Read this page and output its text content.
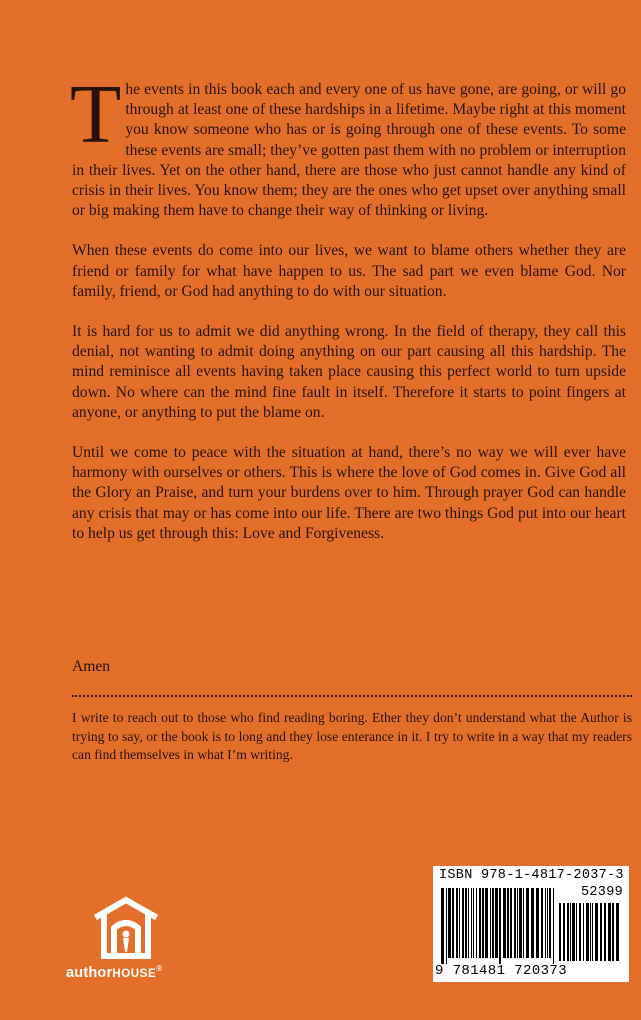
The events in this book each and every one of us have gone, are going, or will go through at least one of these hardships in a lifetime. Maybe right at this moment you know someone who has or is going through one of these events. To some these events are small; they’ve gotten past them with no problem or interruption in their lives. Yet on the other hand, there are those who just cannot handle any kind of crisis in their lives. You know them; they are the ones who get upset over anything small or big making them have to change their way of thinking or living.

When these events do come into our lives, we want to blame others whether they are friend or family for what have happen to us. The sad part we even blame God. Nor family, friend, or God had anything to do with our situation.

It is hard for us to admit we did anything wrong. In the field of therapy, they call this denial, not wanting to admit doing anything on our part causing all this hardship. The mind reminisce all events having taken place causing this perfect world to turn upside down. No where can the mind fine fault in itself. Therefore it starts to point fingers at anyone, or anything to put the blame on.

Until we come to peace with the situation at hand, there’s no way we will ever have harmony with ourselves or others. This is where the love of God comes in. Give God all the Glory an Praise, and turn your burdens over to him. Through prayer God can handle any crisis that may or has come into our life. There are two things God put into our heart to help us get through this: Love and Forgiveness.

Amen
I write to reach out to those who find reading boring. Ether they don’t understand what the Author is trying to say, or the book is to long and they lose enterance in it. I try to write in a way that my readers can find themselves in what I’m writing.
authorHOUSE®
ISBN 978-1-4817-2037-3
52399
9 781481 720373
